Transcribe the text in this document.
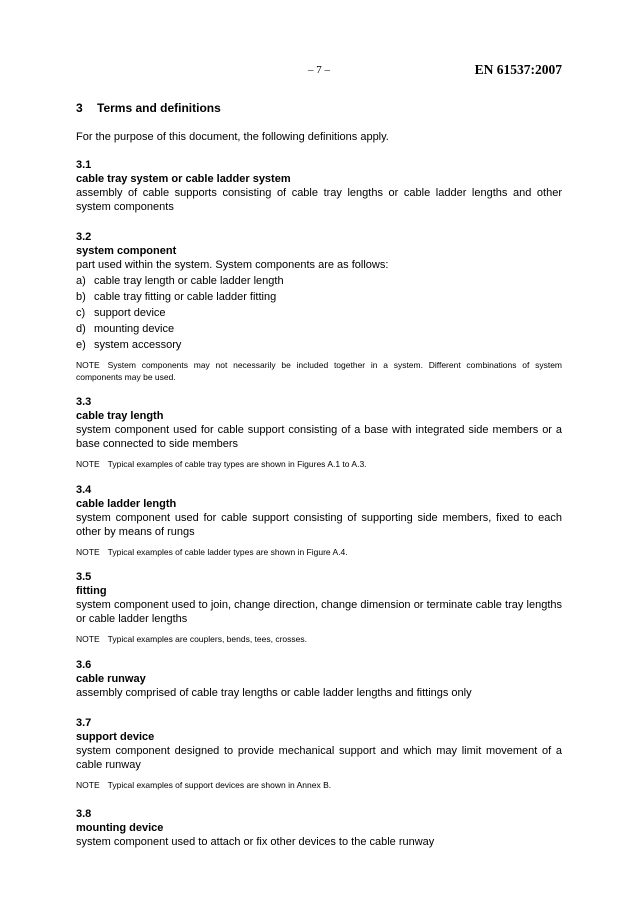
– 7 –	EN 61537:2007
3 Terms and definitions
For the purpose of this document, the following definitions apply.
3.1
cable tray system or cable ladder system
assembly of cable supports consisting of cable tray lengths or cable ladder lengths and other system components
3.2
system component
part used within the system. System components are as follows:
a) cable tray length or cable ladder length
b) cable tray fitting or cable ladder fitting
c) support device
d) mounting device
e) system accessory
NOTE System components may not necessarily be included together in a system. Different combinations of system components may be used.
3.3
cable tray length
system component used for cable support consisting of a base with integrated side members or a base connected to side members
NOTE Typical examples of cable tray types are shown in Figures A.1 to A.3.
3.4
cable ladder length
system component used for cable support consisting of supporting side members, fixed to each other by means of rungs
NOTE Typical examples of cable ladder types are shown in Figure A.4.
3.5
fitting
system component used to join, change direction, change dimension or terminate cable tray lengths or cable ladder lengths
NOTE Typical examples are couplers, bends, tees, crosses.
3.6
cable runway
assembly comprised of cable tray lengths or cable ladder lengths and fittings only
3.7
support device
system component designed to provide mechanical support and which may limit movement of a cable runway
NOTE Typical examples of support devices are shown in Annex B.
3.8
mounting device
system component used to attach or fix other devices to the cable runway
